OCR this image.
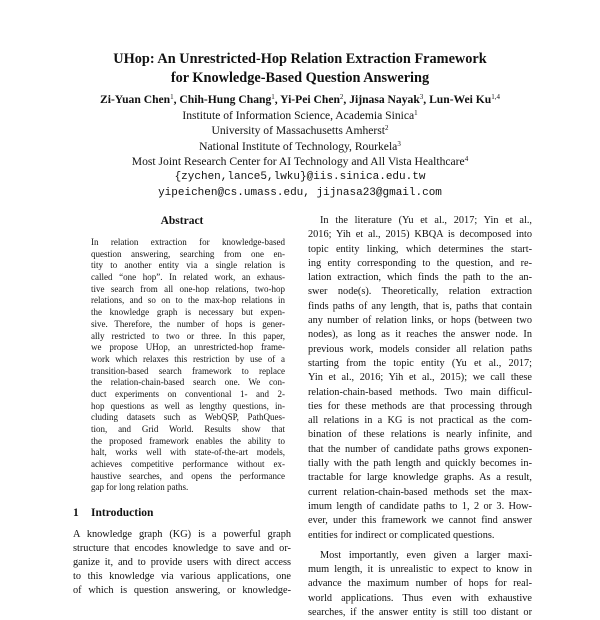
UHop: An Unrestricted-Hop Relation Extraction Framework
for Knowledge-Based Question Answering
Zi-Yuan Chen$^1$, Chih-Hung Chang$^1$, Yi-Pei Chen$^2$, Jijnasa Nayak$^3$, Lun-Wei Ku$^{1,4}$
Institute of Information Science, Academia Sinica$^1$
University of Massachusetts Amherst$^2$
National Institute of Technology, Rourkela$^3$
Most Joint Research Center for AI Technology and All Vista Healthcare$^4$
{zychen,lance5,lwku}@iis.sinica.edu.tw
yipeichen@cs.umass.edu, jijnasa23@gmail.com
Abstract
In relation extraction for knowledge-based
question answering, searching from one en-
tity to another entity via a single relation is
called “one hop”. In related work, an exhaus-
tive search from all one-hop relations, two-hop
relations, and so on to the max-hop relations in
the knowledge graph is necessary but expen-
sive. Therefore, the number of hops is gener-
ally restricted to two or three. In this paper,
we propose UHop, an unrestricted-hop frame-
work which relaxes this restriction by use of a
transition-based search framework to replace
the relation-chain-based search one. We con-
duct experiments on conventional 1- and 2-
hop questions as well as lengthy questions, in-
cluding datasets such as WebQSP, PathQues-
tion, and Grid World. Results show that
the proposed framework enables the ability to
halt, works well with state-of-the-art models,
achieves competitive performance without ex-
haustive searches, and opens the performance
gap for long relation paths.
1 Introduction
A knowledge graph (KG) is a powerful graph
structure that encodes knowledge to save and or-
ganize it, and to provide users with direct access
to this knowledge via various applications, one
of which is question answering, or knowledge-
In the literature (Yu et al., 2017; Yin et al.,
2016; Yih et al., 2015) KBQA is decomposed into
topic entity linking, which determines the start-
ing entity corresponding to the question, and re-
lation extraction, which finds the path to the an-
swer node(s). Theoretically, relation extraction
finds paths of any length, that is, paths that contain
any number of relation links, or hops (between two
nodes), as long as it reaches the answer node. In
previous work, models consider all relation paths
starting from the topic entity (Yu et al., 2017;
Yin et al., 2016; Yih et al., 2015); we call these
relation-chain-based methods. Two main difficul-
ties for these methods are that processing through
all relations in a KG is not practical as the com-
bination of these relations is nearly infinite, and
that the number of candidate paths grows exponen-
tially with the path length and quickly becomes in-
tractable for large knowledge graphs. As a result,
current relation-chain-based methods set the max-
imum length of candidate paths to 1, 2 or 3. How-
ever, under this framework we cannot find answer
entities for indirect or complicated questions.
Most importantly, even given a larger maxi-
mum length, it is unrealistic to expect to know in
advance the maximum number of hops for real-
world applications. Thus even with exhaustive
searches, if the answer entity is still too distant or
